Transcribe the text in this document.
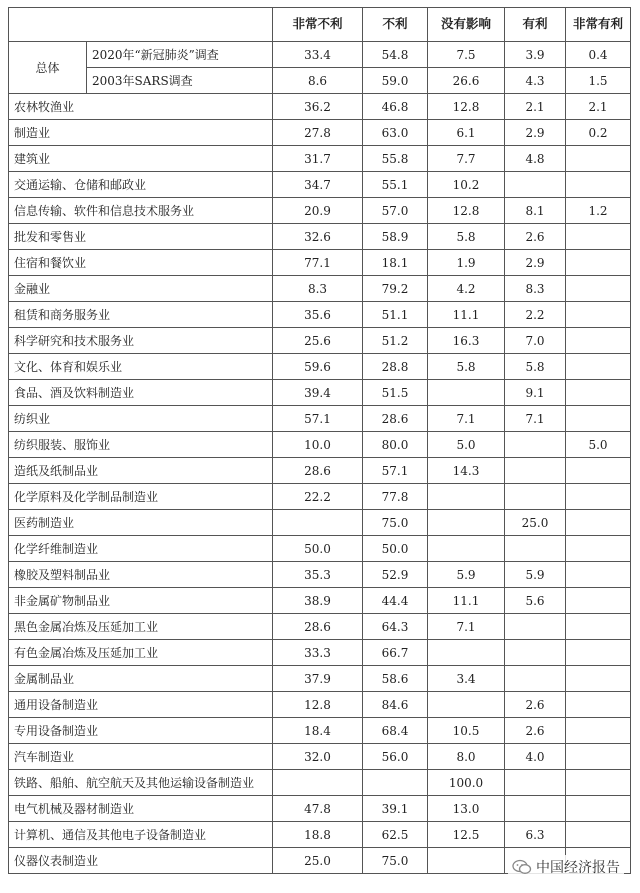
		非常不利	不利	没有影响	有利	非常有利
总体	2020年“新冠肺炎”调查	33.4	54.8	7.5	3.9	0.4
	2003年SARS调查	8.6	59.0	26.6	4.3	1.5
农林牧渔业		36.2	46.8	12.8	2.1	2.1
制造业		27.8	63.0	6.1	2.9	0.2
建筑业		31.7	55.8	7.7	4.8	
交通运输、仓储和邮政业		34.7	55.1	10.2		
信息传输、软件和信息技术服务业		20.9	57.0	12.8	8.1	1.2
批发和零售业		32.6	58.9	5.8	2.6	
住宿和餐饮业		77.1	18.1	1.9	2.9	
金融业		8.3	79.2	4.2	8.3	
租赁和商务服务业		35.6	51.1	11.1	2.2	
科学研究和技术服务业		25.6	51.2	16.3	7.0	
文化、体育和娱乐业		59.6	28.8	5.8	5.8	
食品、酒及饮料制造业		39.4	51.5		9.1	
纺织业		57.1	28.6	7.1	7.1	
纺织服装、服饰业		10.0	80.0	5.0		5.0
造纸及纸制品业		28.6	57.1	14.3		
化学原料及化学制品制造业		22.2	77.8			
医药制造业			75.0		25.0	
化学纤维制造业		50.0	50.0			
橡胶及塑料制品业		35.3	52.9	5.9	5.9	
非金属矿物制品业		38.9	44.4	11.1	5.6	
黑色金属冶炼及压延加工业		28.6	64.3	7.1		
有色金属冶炼及压延加工业		33.3	66.7			
金属制品业		37.9	58.6	3.4		
通用设备制造业		12.8	84.6		2.6	
专用设备制造业		18.4	68.4	10.5	2.6	
汽车制造业		32.0	56.0	8.0	4.0	
铁路、船舶、航空航天及其他运输设备制造业				100.0		
电气机械及器材制造业		47.8	39.1	13.0		
计算机、通信及其他电子设备制造业		18.8	62.5	12.5	6.3	
仪器仪表制造业		25.0	75.0				中国经济报告
